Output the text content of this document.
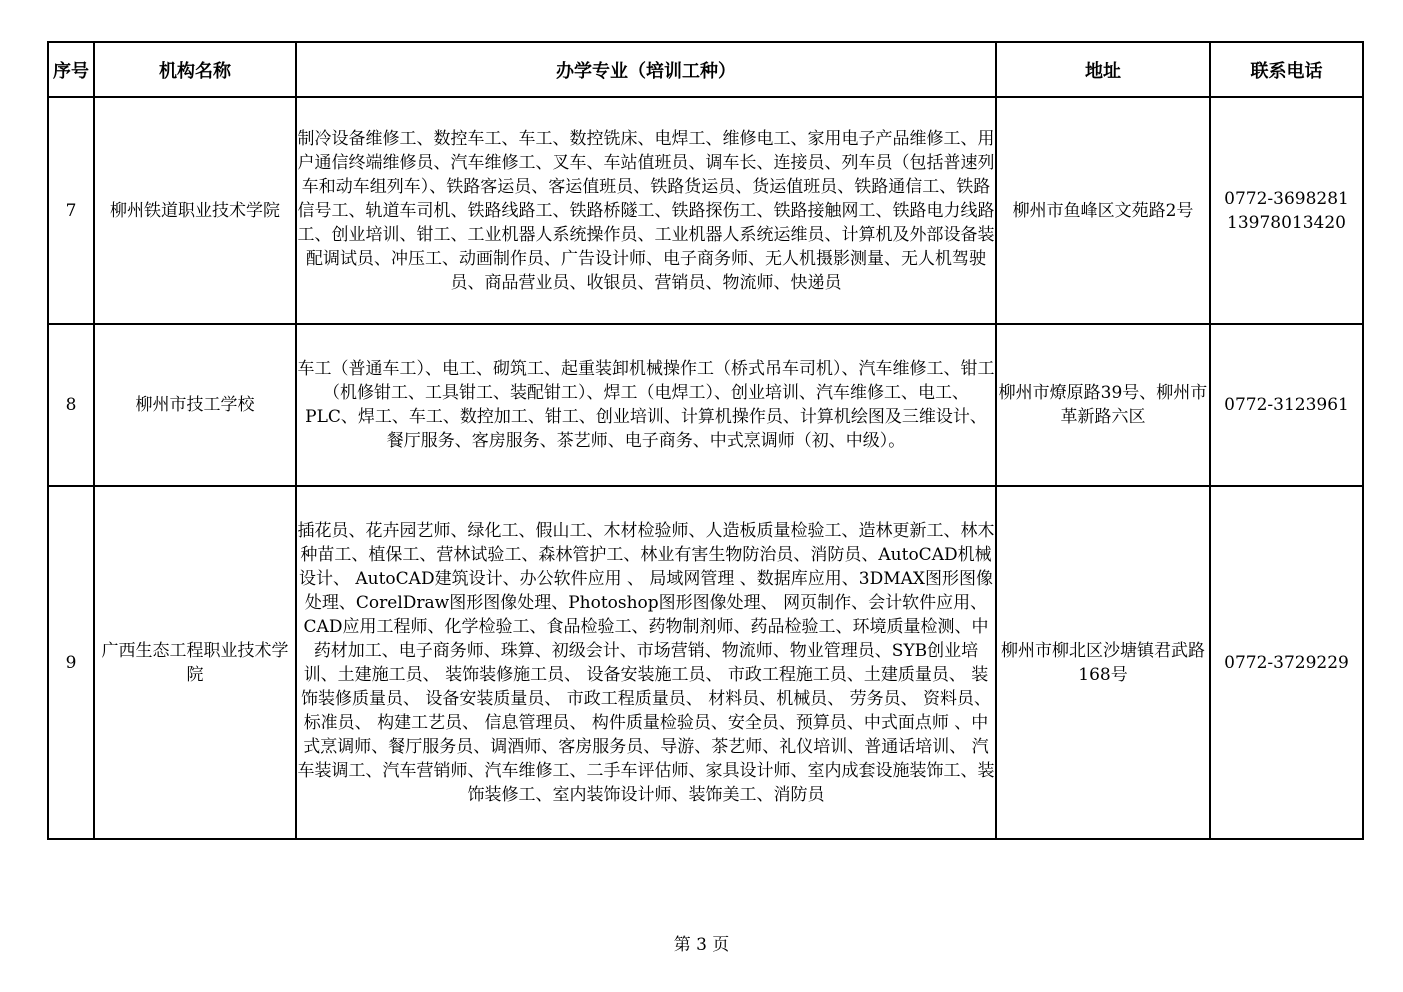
序号	机构名称	办学专业（培训工种）	地址	联系电话
7	柳州铁道职业技术学院	制冷设备维修工、数控车工、车工、数控铣床、电焊工、维修电工、家用电子产品维修工、用户通信终端维修员、汽车维修工、叉车、车站值班员、调车长、连接员、列车员（包括普速列车和动车组列车）、铁路客运员、客运值班员、铁路货运员、货运值班员、铁路通信工、铁路信号工、轨道车司机、铁路线路工、铁路桥隧工、铁路探伤工、铁路接触网工、铁路电力线路工、创业培训、钳工、工业机器人系统操作员、工业机器人系统运维员、计算机及外部设备装配调试员、冲压工、动画制作员、广告设计师、电子商务师、无人机摄影测量、无人机驾驶员、商品营业员、收银员、营销员、物流师、快递员	柳州市鱼峰区文苑路2号	0772-3698281
13978013420

8	柳州市技工学校	车工（普通车工）、电工、砌筑工、起重装卸机械操作工（桥式吊车司机）、汽车维修工、钳工（机修钳工、工具钳工、装配钳工）、焊工（电焊工）、创业培训、汽车维修工、电工、PLC、焊工、车工、数控加工、钳工、创业培训、计算机操作员、计算机绘图及三维设计、餐厅服务、客房服务、茶艺师、电子商务、中式烹调师（初、中级）。	柳州市燎原路39号、柳州市革新路六区	0772-3123961

9	广西生态工程职业技术学院	插花员、花卉园艺师、绿化工、假山工、木材检验师、人造板质量检验工、造林更新工、林木种苗工、植保工、营林试验工、森林管护工、林业有害生物防治员、消防员、AutoCAD机械设计、 AutoCAD建筑设计、办公软件应用 、 局域网管理 、数据库应用、3DMAX图形图像处理、CorelDraw图形图像处理、Photoshop图形图像处理、 网页制作、会计软件应用、CAD应用工程师、化学检验工、食品检验工、药物制剂师、药品检验工、环境质量检测、中药材加工、电子商务师、珠算、初级会计、市场营销、物流师、物业管理员、SYB创业培训、土建施工员、 装饰装修施工员、 设备安装施工员、 市政工程施工员、土建质量员、 装饰装修质量员、 设备安装质量员、 市政工程质量员、 材料员、机械员、 劳务员、 资料员、 标准员、 构建工艺员、 信息管理员、 构件质量检验员、安全员、预算员、中式面点师 、中式烹调师、餐厅服务员、调酒师、客房服务员、导游、茶艺师、礼仪培训、普通话培训、 汽车装调工、汽车营销师、汽车维修工、二手车评估师、家具设计师、室内成套设施装饰工、装饰装修工、室内装饰设计师、装饰美工、消防员	柳州市柳北区沙塘镇君武路168号	0772-3729229
第 3 页
